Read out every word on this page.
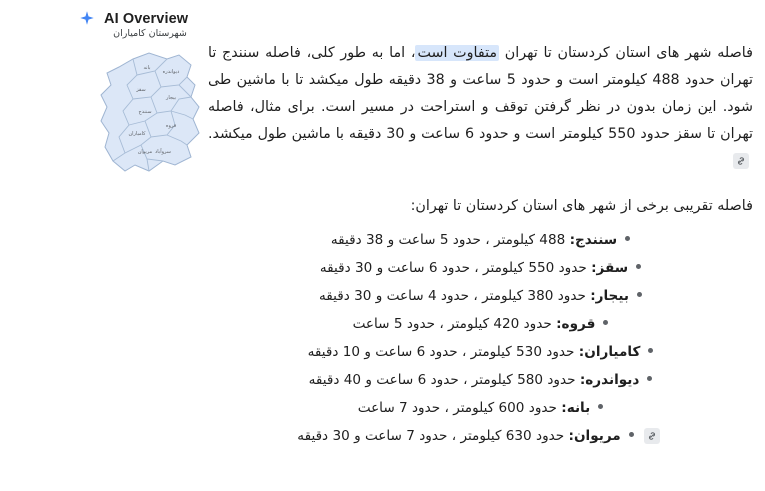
AI Overview
شهرستان کامیاران
بانه
دیواندره
بیجار
سقز
سنندج
قروه
کامیاران
مریوان سروآباد

فاصله شهر های استان کردستان تا تهران متفاوت است، اما به طور کلی، فاصله سنندج تا تهران حدود 488 کیلومتر است و حدود 5 ساعت و 38 دقیقه طول میکشد تا با ماشین طی شود. این زمان بدون در نظر گرفتن توقف و استراحت در مسیر است. برای مثال، فاصله تهران تا سقز حدود 550 کیلومتر است و حدود 6 ساعت و 30 دقیقه با ماشین طول میکشد.

فاصله تقریبی برخی از شهر های استان کردستان تا تهران:
سنندج: 488 کیلومتر ، حدود 5 ساعت و 38 دقیقه
سقز: حدود 550 کیلومتر ، حدود 6 ساعت و 30 دقیقه
بیجار: حدود 380 کیلومتر ، حدود 4 ساعت و 30 دقیقه
قروه: حدود 420 کیلومتر ، حدود 5 ساعت
کامیاران: حدود 530 کیلومتر ، حدود 6 ساعت و 10 دقیقه
دیواندره: حدود 580 کیلومتر ، حدود 6 ساعت و 40 دقیقه
بانه: حدود 600 کیلومتر ، حدود 7 ساعت
مریوان: حدود 630 کیلومتر ، حدود 7 ساعت و 30 دقیقه
